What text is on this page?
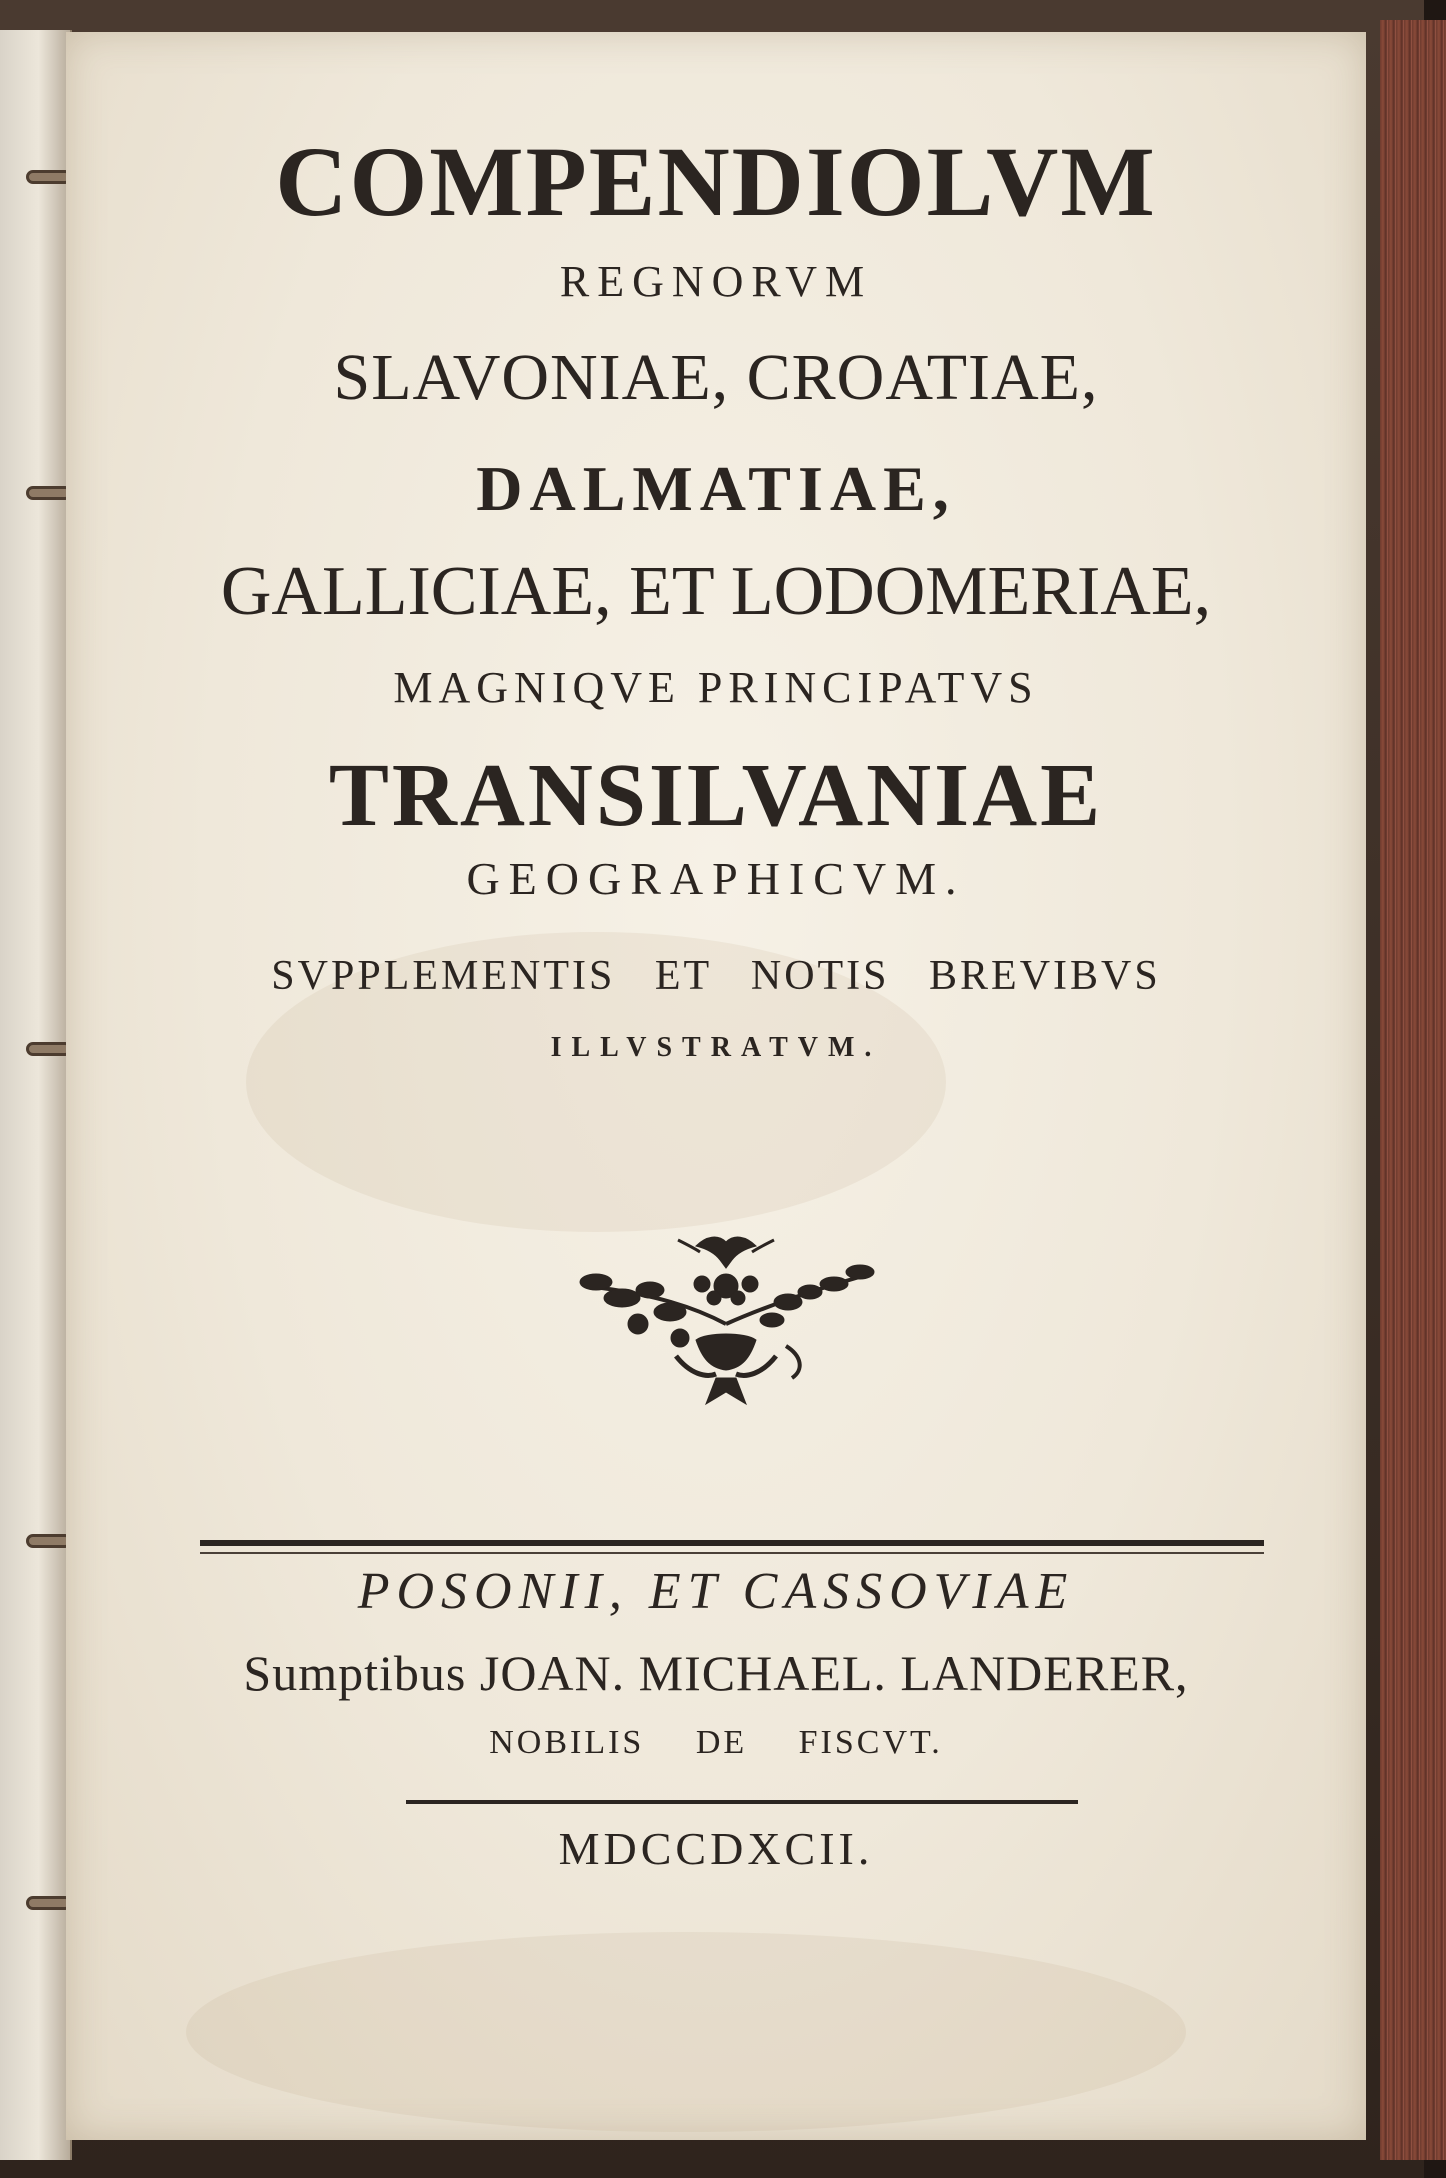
COMPENDIOLVM

REGNORVM

SLAVONIAE, CROATIAE,

DALMATIAE,

GALLICIAE, ET LODOMERIAE,

MAGNIQVE PRINCIPATVS

TRANSILVANIAE

GEOGRAPHICVM.

SVPPLEMENTIS ET NOTIS BREVIBVS

ILLVSTRATVM.

POSONII, ET CASSOVIAE

Sumptibus JOAN. MICHAEL. LANDERER,

NOBILIS DE FISCVT.

MDCCDXCII.
